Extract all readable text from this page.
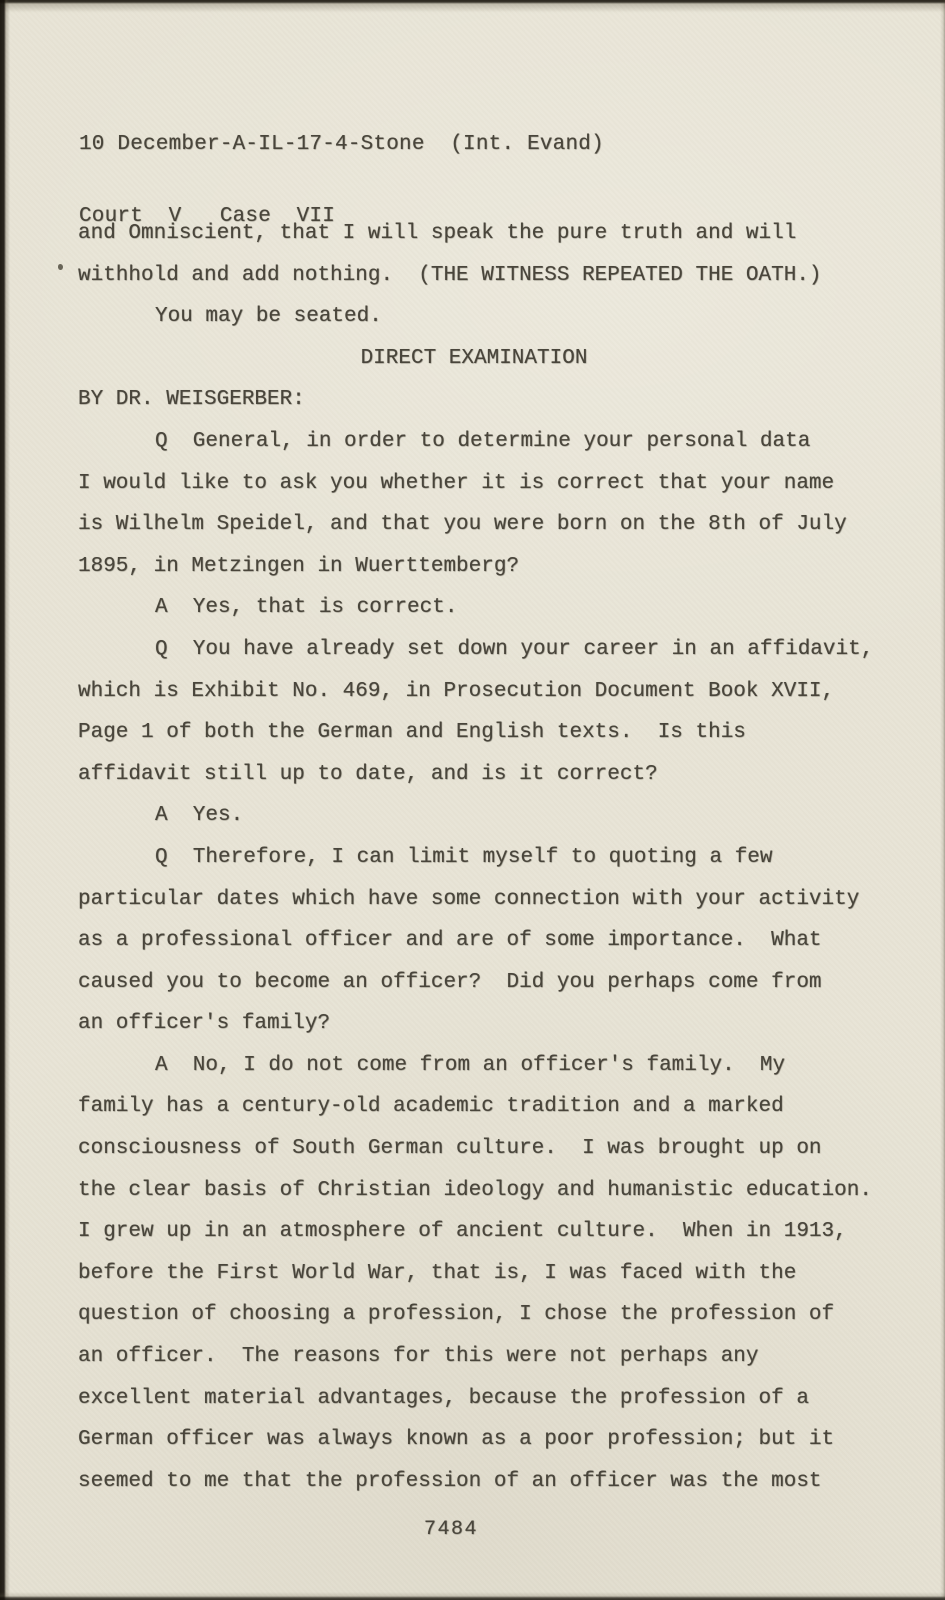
10 December-A-IL-17-4-Stone  (Int. Evand)

Court  V   Case  VII

and Omniscient, that I will speak the pure truth and will
withhold and add nothing.  (THE WITNESS REPEATED THE OATH.)
You may be seated.
DIRECT EXAMINATION
BY DR. WEISGERBER:
Q  General, in order to determine your personal data
I would like to ask you whether it is correct that your name
is Wilhelm Speidel, and that you were born on the 8th of July
1895, in Metzingen in Wuerttemberg?
A  Yes, that is correct.
Q  You have already set down your career in an affidavit,
which is Exhibit No. 469, in Prosecution Document Book XVII,
Page 1 of both the German and English texts.  Is this
affidavit still up to date, and is it correct?
A  Yes.
Q  Therefore, I can limit myself to quoting a few
particular dates which have some connection with your activity
as a professional officer and are of some importance.  What
caused you to become an officer?  Did you perhaps come from
an officer's family?
A  No, I do not come from an officer's family.  My
family has a century-old academic tradition and a marked
consciousness of South German culture.  I was brought up on
the clear basis of Christian ideology and humanistic education.
I grew up in an atmosphere of ancient culture.  When in 1913,
before the First World War, that is, I was faced with the
question of choosing a profession, I chose the profession of
an officer.  The reasons for this were not perhaps any
excellent material advantages, because the profession of a
German officer was always known as a poor profession; but it
seemed to me that the profession of an officer was the most
7484
